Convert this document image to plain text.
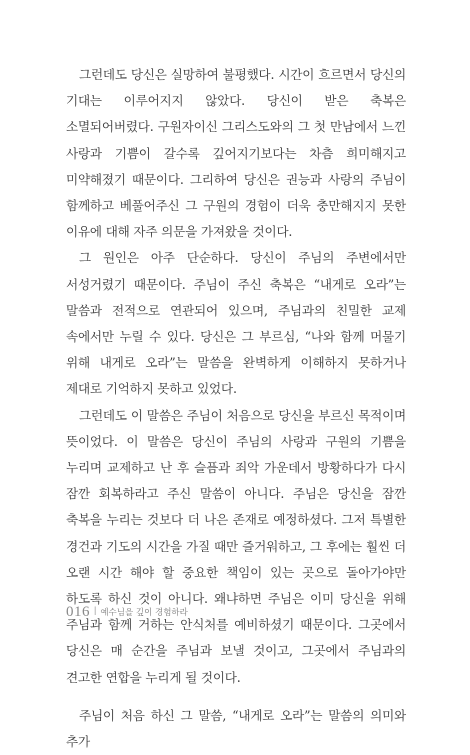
그런데도 당신은 실망하여 불평했다. 시간이 흐르면서 당신의 기대는 이루어지지 않았다. 당신이 받은 축복은 소멸되어버렸다. 구원자이신 그리스도와의 그 첫 만남에서 느낀 사랑과 기쁨이 갈수록 깊어지기보다는 차츰 희미해지고 미약해졌기 때문이다. 그리하여 당신은 권능과 사랑의 주님이 함께하고 베풀어주신 그 구원의 경험이 더욱 충만해지지 못한 이유에 대해 자주 의문을 가져왔을 것이다.

그 원인은 아주 단순하다. 당신이 주님의 주변에서만 서성거렸기 때문이다. 주님이 주신 축복은 “내게로 오라”는 말씀과 전적으로 연관되어 있으며, 주님과의 친밀한 교제 속에서만 누릴 수 있다. 당신은 그 부르심, “나와 함께 머물기 위해 내게로 오라”는 말씀을 완벽하게 이해하지 못하거나 제대로 기억하지 못하고 있었다.

그런데도 이 말씀은 주님이 처음으로 당신을 부르신 목적이며 뜻이었다. 이 말씀은 당신이 주님의 사랑과 구원의 기쁨을 누리며 교제하고 난 후 슬픔과 죄악 가운데서 방황하다가 다시 잠깐 회복하라고 주신 말씀이 아니다. 주님은 당신을 잠깐 축복을 누리는 것보다 더 나은 존재로 예정하셨다. 그저 특별한 경건과 기도의 시간을 가질 때만 즐거워하고, 그 후에는 훨씬 더 오랜 시간 해야 할 중요한 책임이 있는 곳으로 돌아가야만 하도록 하신 것이 아니다. 왜냐하면 주님은 이미 당신을 위해 주님과 함께 거하는 안식처를 예비하셨기 때문이다. 그곳에서 당신은 매 순간을 주님과 보낼 것이고, 그곳에서 주님과의 견고한 연합을 누리게 될 것이다.

주님이 처음 하신 그 말씀, “내게로 오라”는 말씀의 의미와 추가

016 | 예수님을 깊이 경험하라
